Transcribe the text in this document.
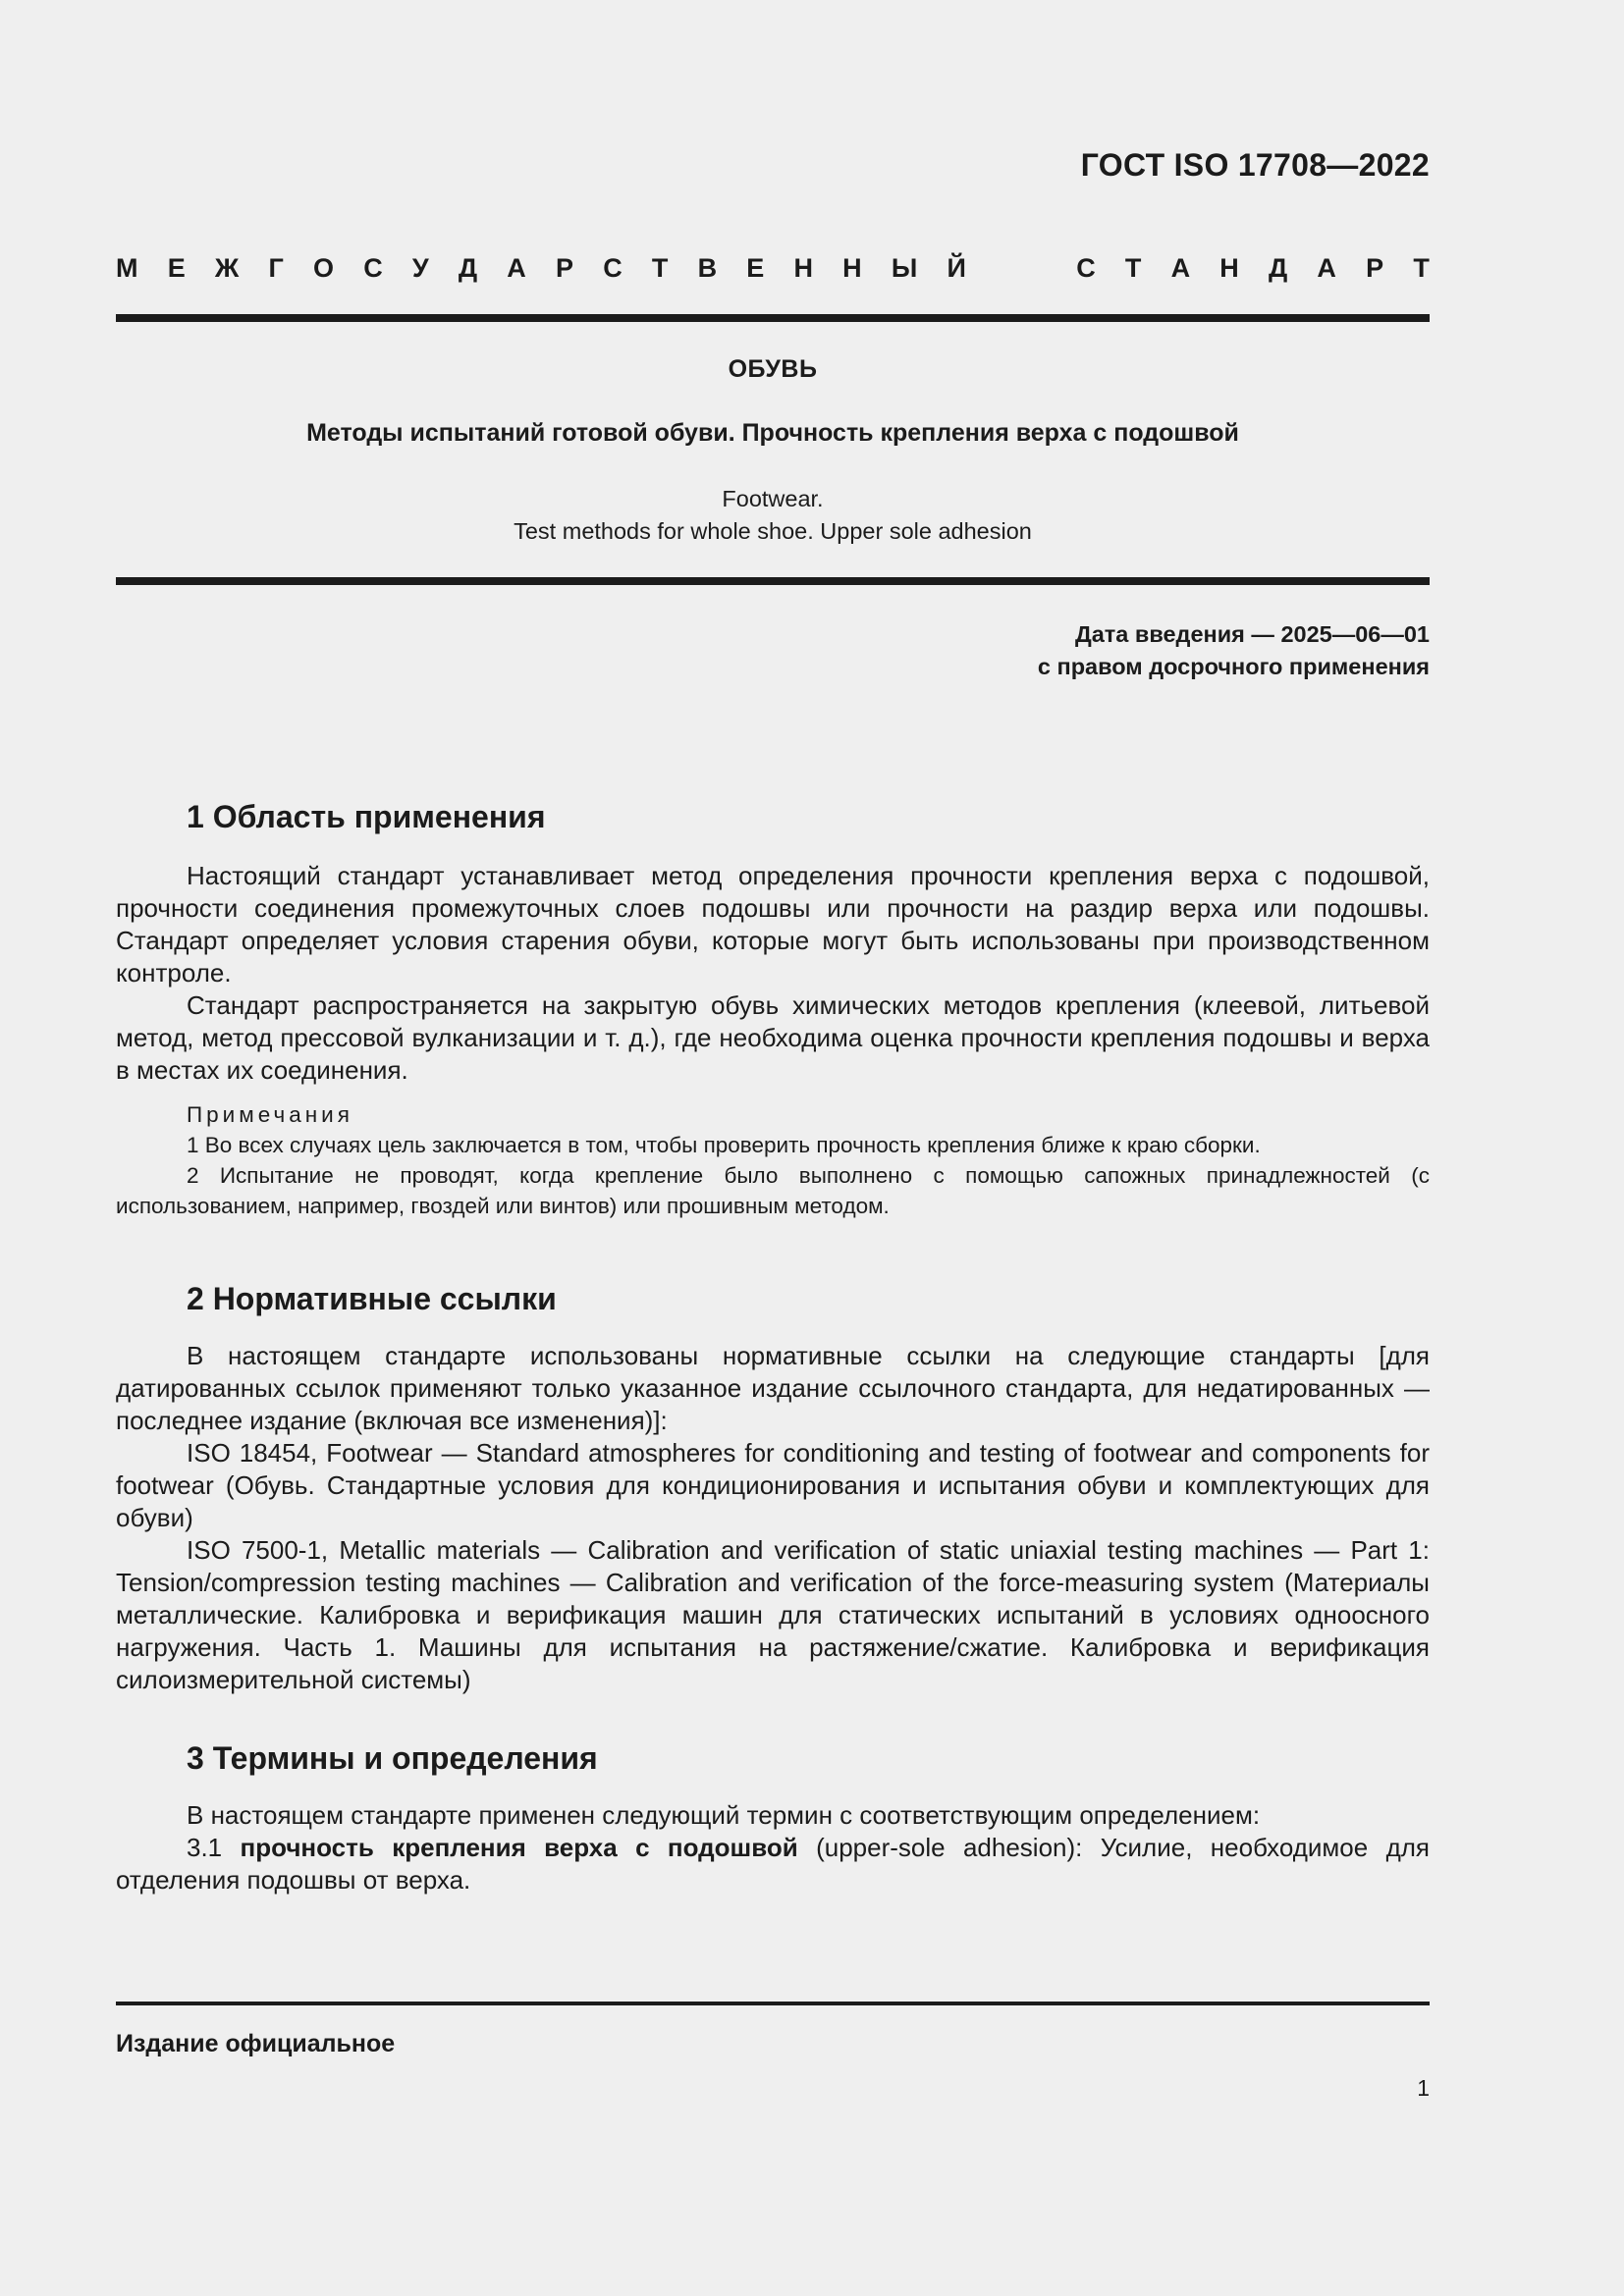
ГОСТ ISO 17708—2022
М Е Ж Г О С У Д А Р С Т В Е Н Н Ы Й	С Т А Н Д А Р Т
ОБУВЬ
Методы испытаний готовой обуви. Прочность крепления верха с подошвой
Footwear.
Test methods for whole shoe. Upper sole adhesion
Дата введения — 2025—06—01
с правом досрочного применения
1 Область применения

Настоящий стандарт устанавливает метод определения прочности крепления верха с подошвой, прочности соединения промежуточных слоев подошвы или прочности на раздир верха или подошвы. Стандарт определяет условия старения обуви, которые могут быть использованы при производственном контроле.

Стандарт распространяется на закрытую обувь химических методов крепления (клеевой, литьевой метод, метод прессовой вулканизации и т. д.), где необходима оценка прочности крепления подошвы и верха в местах их соединения.

Примечания

1 Во всех случаях цель заключается в том, чтобы проверить прочность крепления ближе к краю сборки.

2 Испытание не проводят, когда крепление было выполнено с помощью сапожных принадлежностей (с использованием, например, гвоздей или винтов) или прошивным методом.

2 Нормативные ссылки

В настоящем стандарте использованы нормативные ссылки на следующие стандарты [для датированных ссылок применяют только указанное издание ссылочного стандарта, для недатированных — последнее издание (включая все изменения)]:

ISO 18454, Footwear — Standard atmospheres for conditioning and testing of footwear and components for footwear (Обувь. Стандартные условия для кондиционирования и испытания обуви и комплектующих для обуви)

ISO 7500-1, Metallic materials — Calibration and verification of static uniaxial testing machines — Part 1: Tension/compression testing machines — Calibration and verification of the force-measuring system (Материалы металлические. Калибровка и верификация машин для статических испытаний в условиях одноосного нагружения. Часть 1. Машины для испытания на растяжение/сжатие. Калибровка и верификация силоизмерительной системы)

3 Термины и определения

В настоящем стандарте применен следующий термин с соответствующим определением:

3.1 прочность крепления верха с подошвой (upper-sole adhesion): Усилие, необходимое для отделения подошвы от верха.

Издание официальное
1
